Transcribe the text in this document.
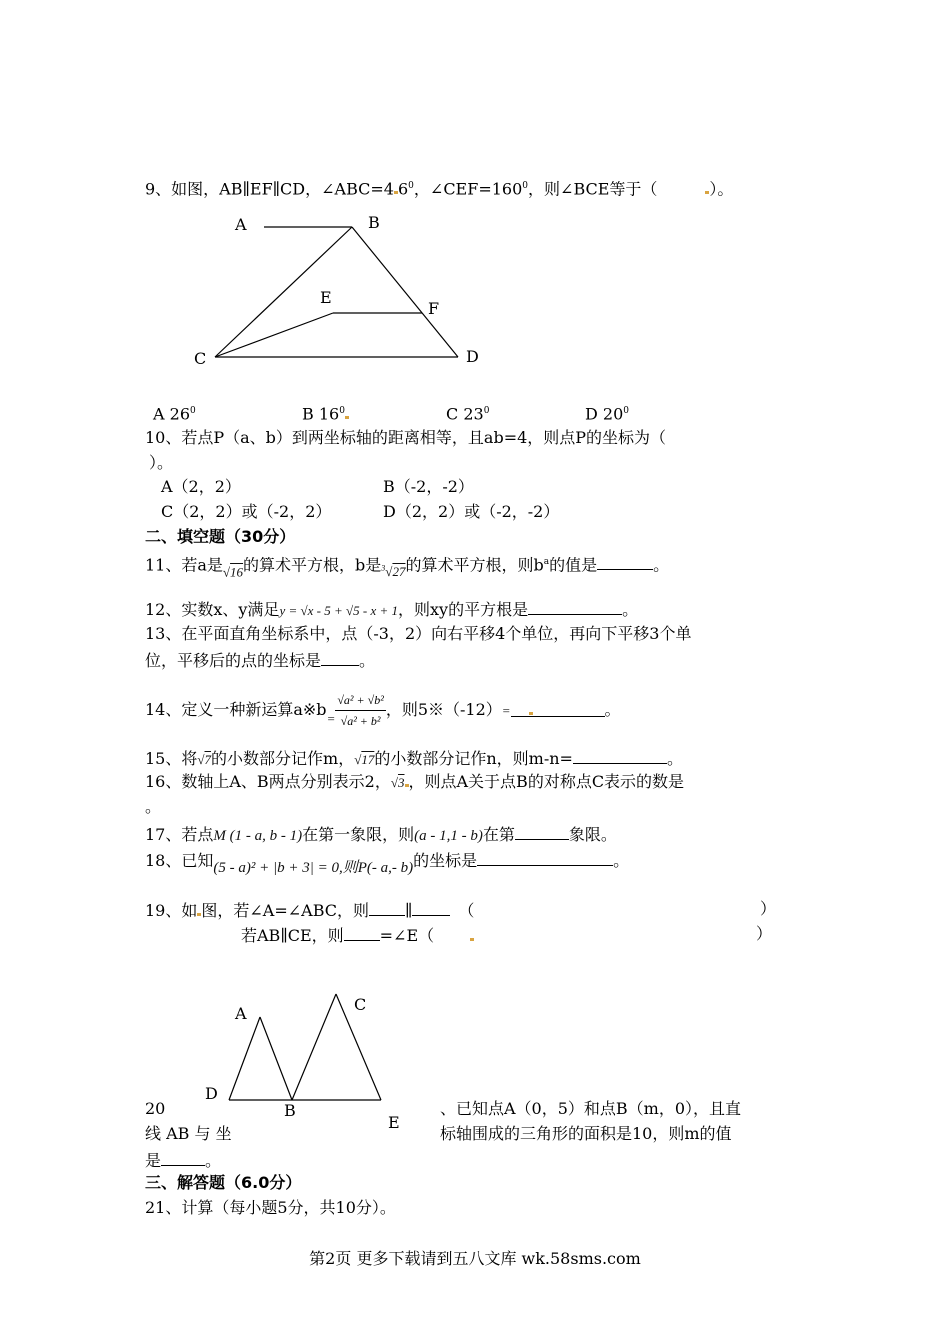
9、如图，AB∥EF∥CD，∠ABC=4 $6^0$，$\angle CEF=160^0$，则∠BCE等于（	）。
A	B
E
F
C	D
A $26^0$	B $16^0$	C $23^0$	D $20^0$
10、若点P（a、b）到两坐标轴的距离相等，且ab=4，则点P的坐标为（
）。
A（2，2）	B（-2，-2）
C（2，2）或（-2，2）	D（2，2）或（-2，-2）
二、填空题（30分）
11、若a是$_{√16}$的算术平方根，b是$_{^3√27}$的算术平方根，则$b^a$的值是	。
12、实数x、y满足y = √x - 5 + √5 - x + 1，则xy的平方根是	。
13、在平面直角坐标系中，点（-3，2）向右平移4个单位，再向下平移3个单
位，平移后的点的坐标是 。
14、定义一种新运算$a※b_= \frac{\text{√a² + √b²}}{\text{√a² + b²}}$ ，则5※（-12）=	。
15、将√7的小数部分记作m，√17的小数部分记作n，则m-n=	。
16、数轴上A、B两点分别表示2，√3 ，则点A关于点B的对称点C表示的数是
。
17、若点M (1 - a, b - 1)在第一象限，则(a - 1,1 - b)在第	象限。
18、已知(5 - a)² + |b + 3| = 0,则P(- a,- b)的坐标是	。
19、如 图，若∠A=∠ABC，则 ∥	（	）
若AB∥CE，则 =∠E（	）
A	C
D
B
E
20	、已知点A（0，5）和点B（m，0），且直
线 AB 与 坐	标轴围成的三角形的面积是10，则m的值
是	。
三、解答题（6.0分）
21、计算（每小题5分，共10分）。
第2页 更多下载请到五八文库 wk.58sms.com
